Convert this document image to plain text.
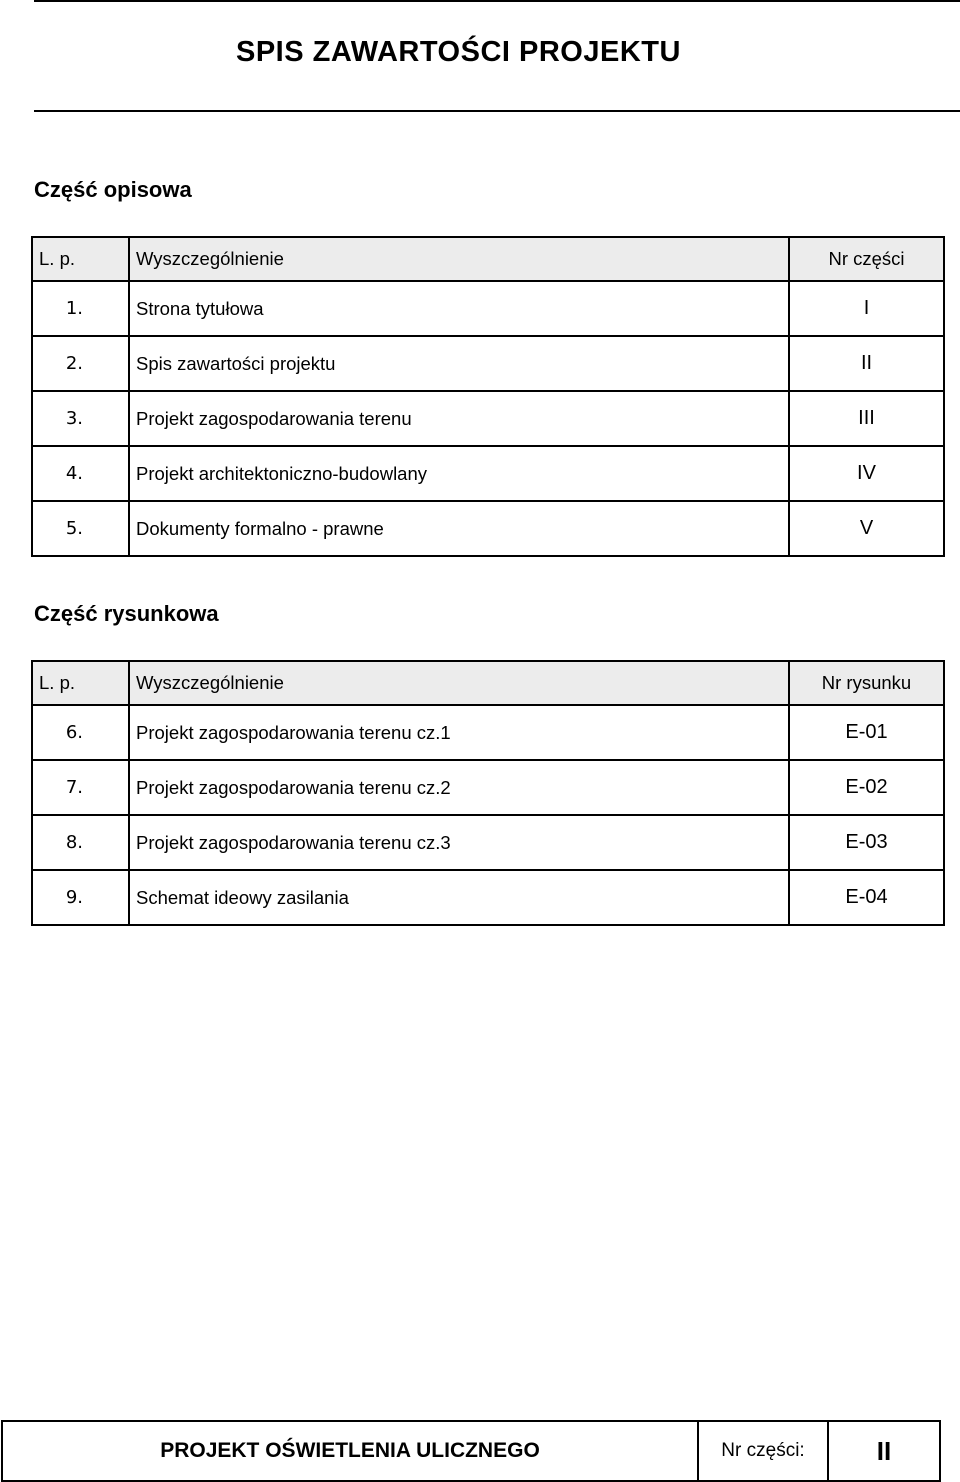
SPIS ZAWARTOŚCI PROJEKTU
Część opisowa
L. p.	Wyszczególnienie	Nr części
1.	Strona tytułowa	I
2.	Spis zawartości projektu	II
3.	Projekt zagospodarowania terenu	III
4.	Projekt architektoniczno-budowlany	IV
5.	Dokumenty formalno - prawne	V
Część rysunkowa
L. p.	Wyszczególnienie	Nr rysunku
6.	Projekt zagospodarowania terenu cz.1	E-01
7.	Projekt zagospodarowania terenu cz.2	E-02
8.	Projekt zagospodarowania terenu cz.3	E-03
9.	Schemat ideowy zasilania	E-04
PROJEKT OŚWIETLENIA ULICZNEGO	Nr części:	II
